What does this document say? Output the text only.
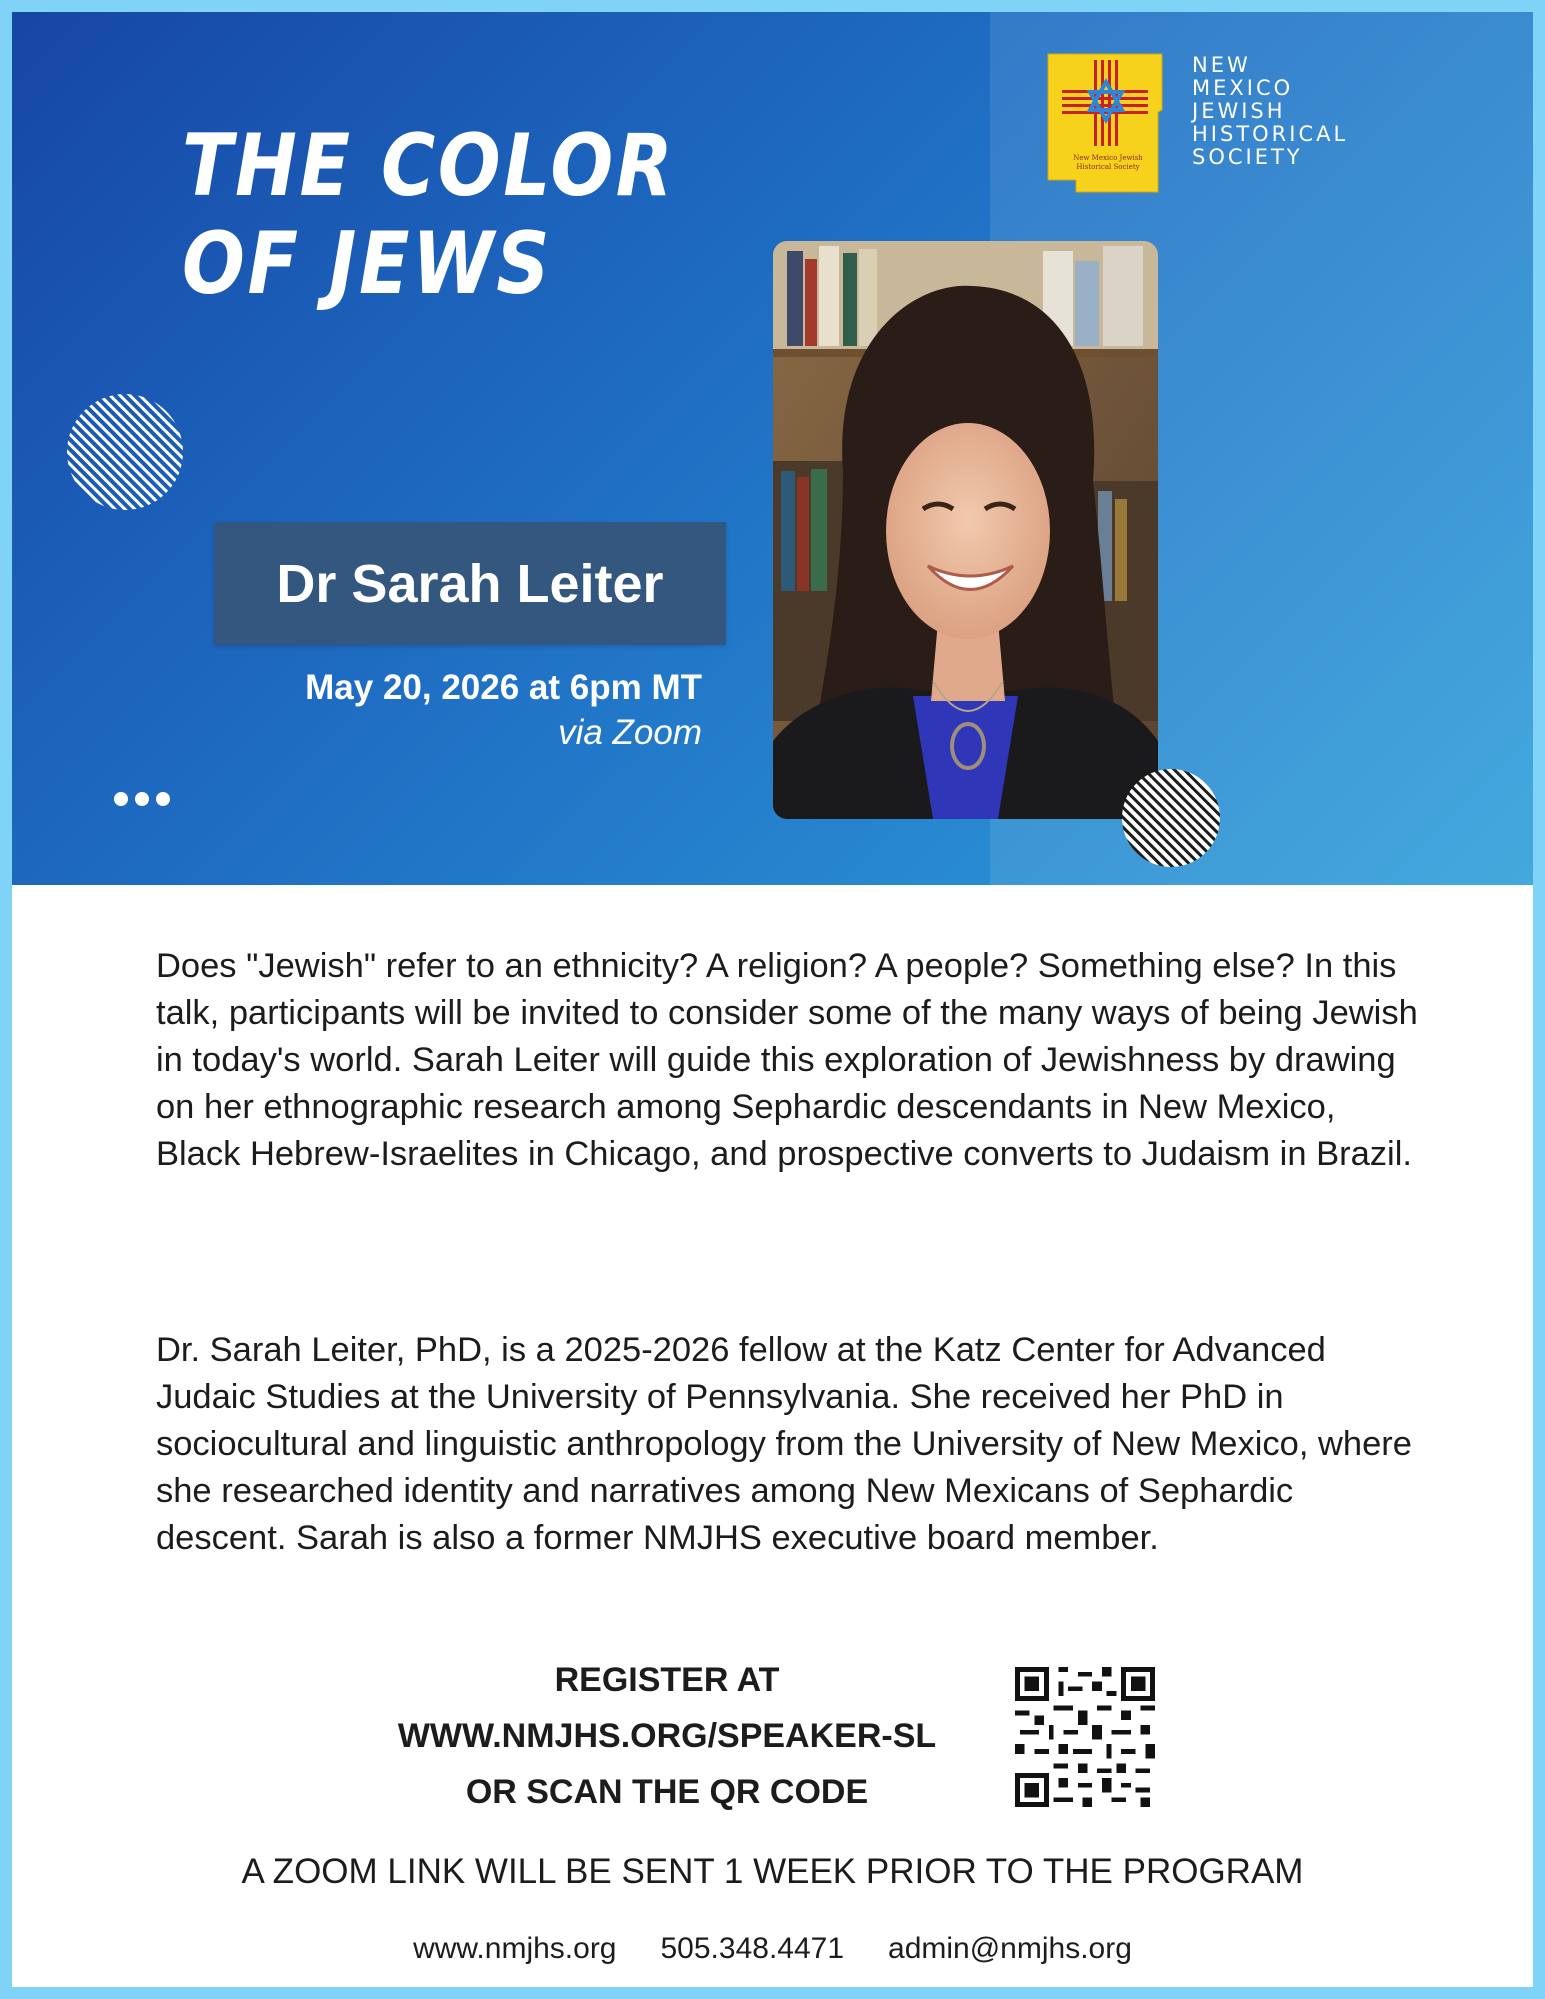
THE COLOR
OF JEWS
New Mexico Jewish
Historical Society
NEW
MEXICO
JEWISH
HISTORICAL
SOCIETY
Dr Sarah Leiter
May 20, 2026 at 6pm MT
via Zoom

Does "Jewish" refer to an ethnicity? A religion? A people? Something else? In this talk, participants will be invited to consider some of the many ways of being Jewish in today's world. Sarah Leiter will guide this exploration of Jewishness by drawing on her ethnographic research among Sephardic descendants in New Mexico, Black Hebrew-Israelites in Chicago, and prospective converts to Judaism in Brazil.

Dr. Sarah Leiter, PhD, is a 2025-2026 fellow at the Katz Center for Advanced Judaic Studies at the University of Pennsylvania. She received her PhD in sociocultural and linguistic anthropology from the University of New Mexico, where she researched identity and narratives among New Mexicans of Sephardic descent. Sarah is also a former NMJHS executive board member.

REGISTER AT
WWW.NMJHS.ORG/SPEAKER-SL
OR SCAN THE QR CODE
A ZOOM LINK WILL BE SENT 1 WEEK PRIOR TO THE PROGRAM
www.nmjhs.org 505.348.4471 admin@nmjhs.org
